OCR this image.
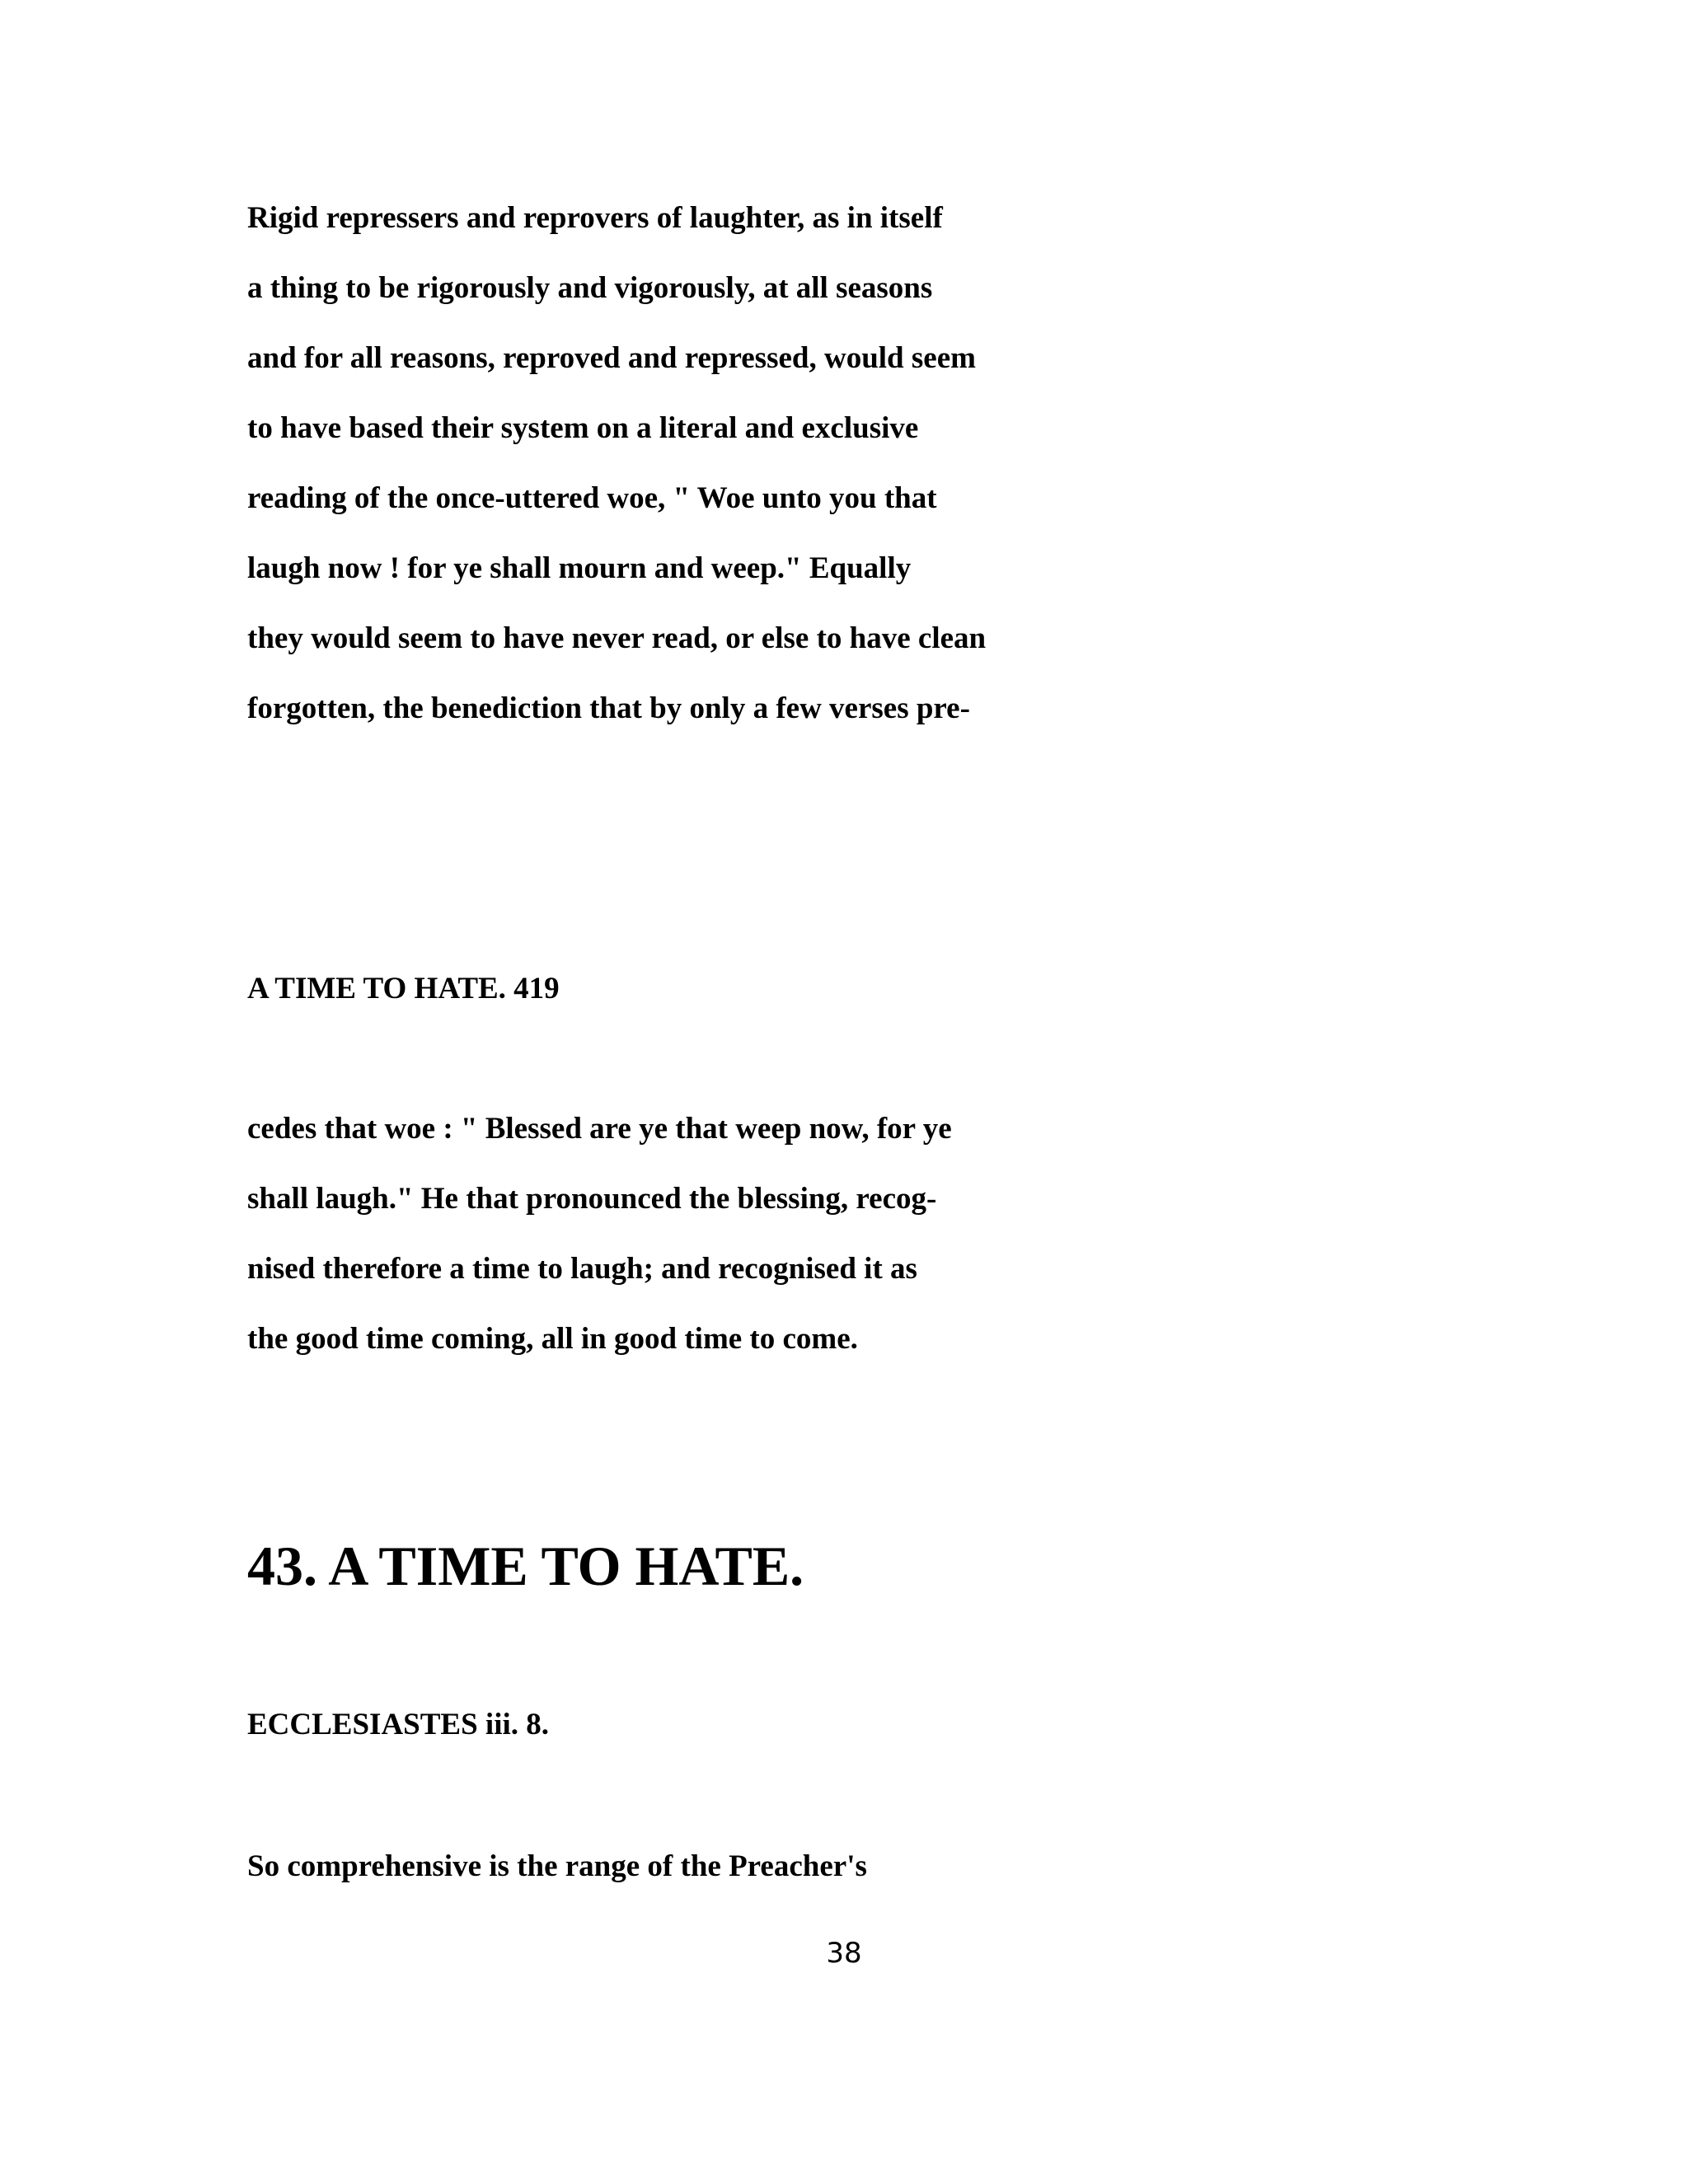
Rigid repressers and reprovers of laughter, as in itself
a thing to be rigorously and vigorously, at all seasons
and for all reasons, reproved and repressed, would seem
to have based their system on a literal and exclusive
reading of the once-uttered woe, " Woe unto you that
laugh now ! for ye shall mourn and weep." Equally
they would seem to have never read, or else to have clean
forgotten, the benediction that by only a few verses pre-
A TIME TO HATE. 419
cedes that woe : " Blessed are ye that weep now, for ye
shall laugh." He that pronounced the blessing, recog-
nised therefore a time to laugh; and recognised it as
the good time coming, all in good time to come.
43. A TIME TO HATE.
ECCLESIASTES iii. 8.
So comprehensive is the range of the Preacher's
38
